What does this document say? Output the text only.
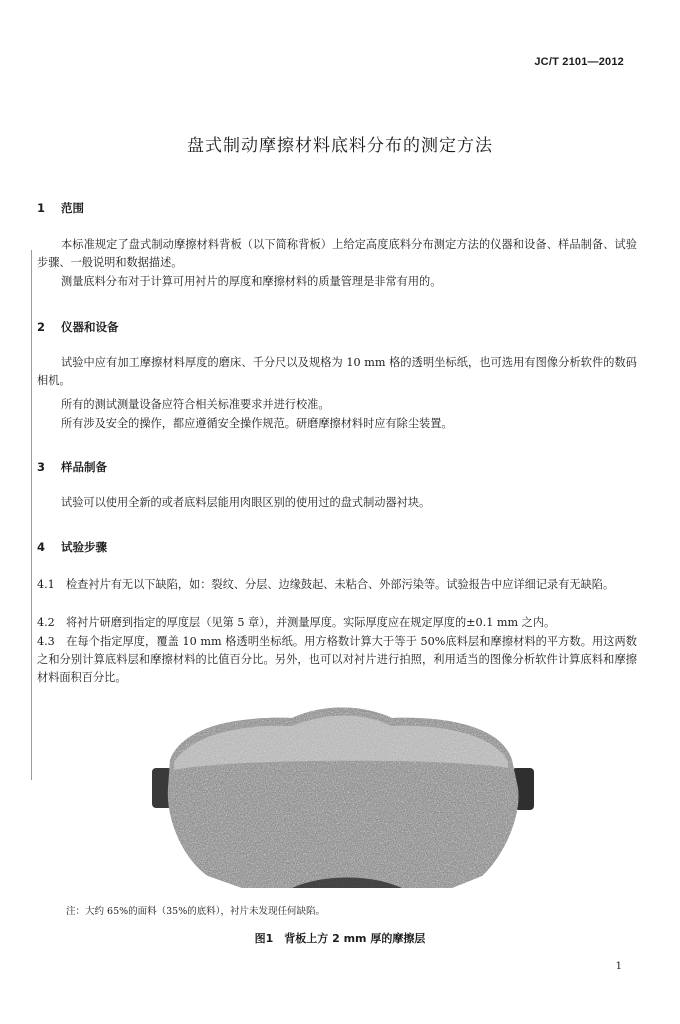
JC/T 2101—2012
盘式制动摩擦材料底料分布的测定方法
1 范围
本标准规定了盘式制动摩擦材料背板（以下简称背板）上给定高度底料分布测定方法的仪器和设备、样品制备、试验步骤、一般说明和数据描述。
测量底料分布对于计算可用衬片的厚度和摩擦材料的质量管理是非常有用的。
2 仪器和设备
试验中应有加工摩擦材料厚度的磨床、千分尺以及规格为 10 mm 格的透明坐标纸，也可选用有图像分析软件的数码相机。
所有的测试测量设备应符合相关标准要求并进行校准。
所有涉及安全的操作，都应遵循安全操作规范。研磨摩擦材料时应有除尘装置。
3 样品制备
试验可以使用全新的或者底料层能用肉眼区别的使用过的盘式制动器衬块。
4 试验步骤
4.1　检查衬片有无以下缺陷，如：裂纹、分层、边缘鼓起、未粘合、外部污染等。试验报告中应详细记录有无缺陷。
4.2　将衬片研磨到指定的厚度层（见第 5 章），并测量厚度。实际厚度应在规定厚度的±0.1 mm 之内。
4.3　在每个指定厚度，覆盖 10 mm 格透明坐标纸。用方格数计算大于等于 50%底料层和摩擦材料的平方数。用这两数之和分别计算底料层和摩擦材料的比值百分比。另外，也可以对衬片进行拍照，利用适当的图像分析软件计算底料和摩擦材料面积百分比。
注：大约 65%的面料（35%的底料），衬片未发现任何缺陷。
图1　背板上方 2 mm 厚的摩擦层
1
